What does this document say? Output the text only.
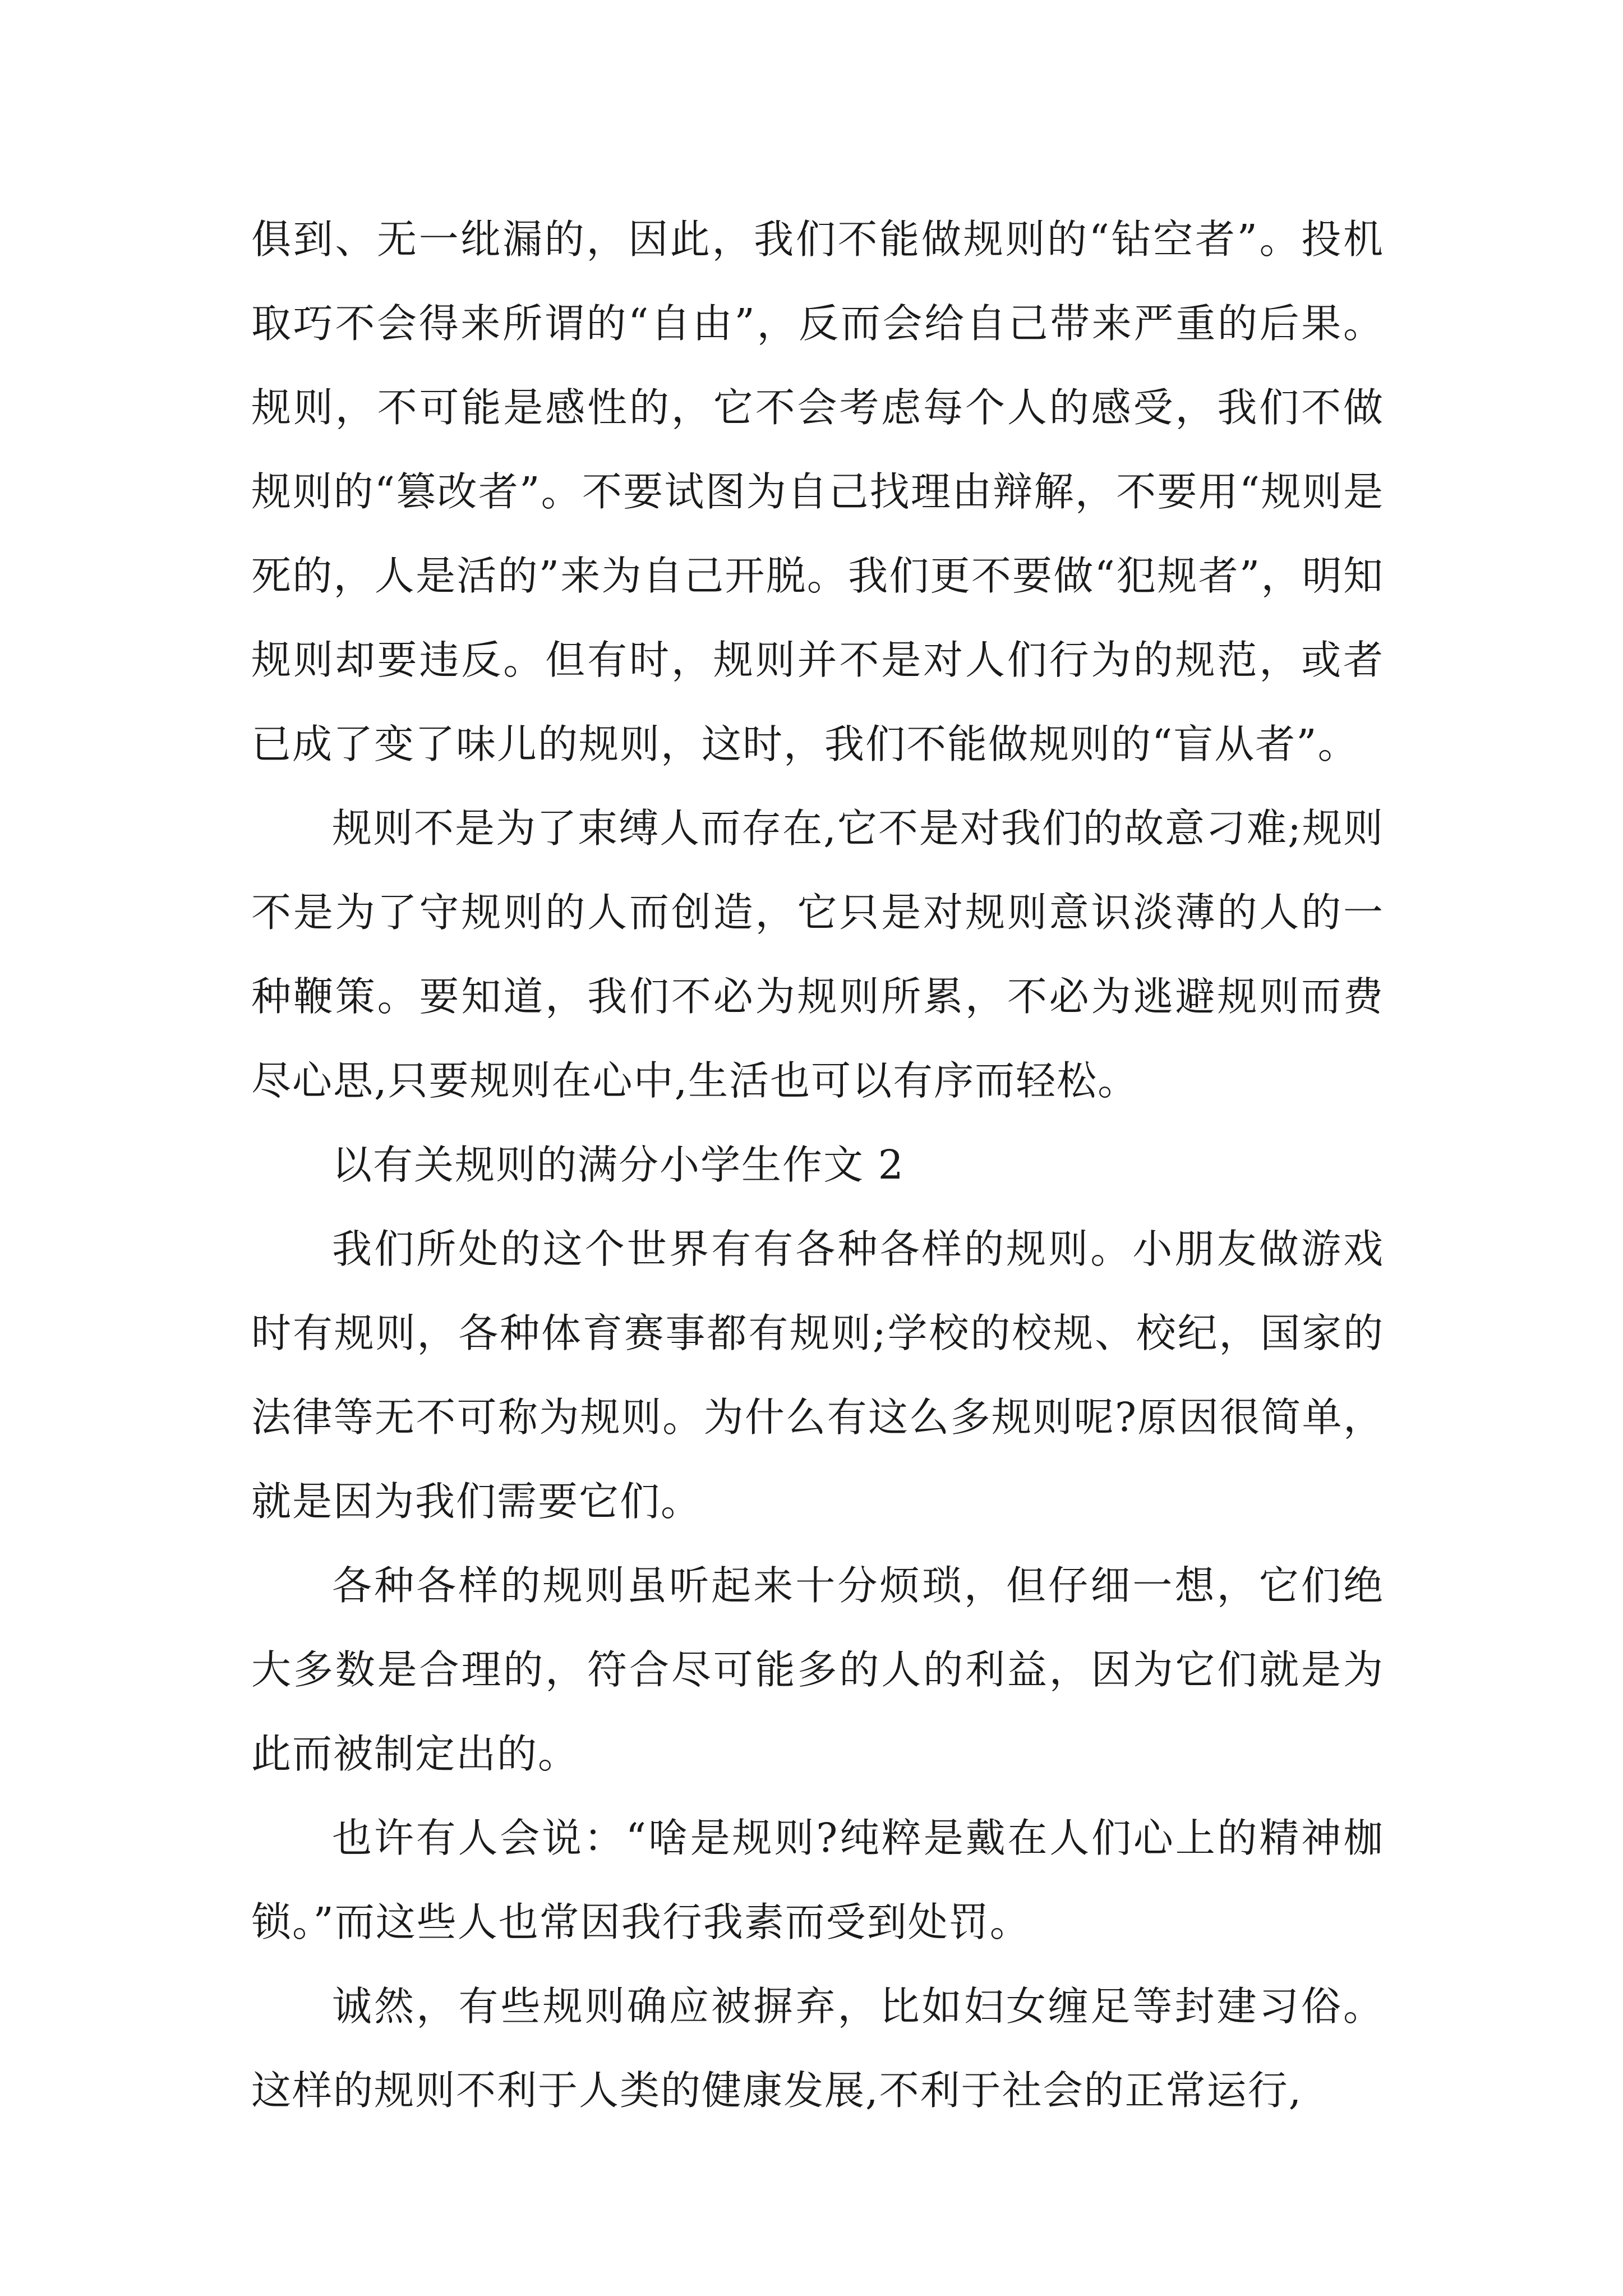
俱到、无一纰漏的，因此，我们不能做规则的“钻空者”。投机取巧不会得来所谓的“自由”，反而会给自己带来严重的后果。规则，不可能是感性的，它不会考虑每个人的感受，我们不做规则的“篡改者”。不要试图为自己找理由辩解，不要用“规则是死的，人是活的”来为自己开脱。我们更不要做“犯规者”，明知规则却要违反。但有时，规则并不是对人们行为的规范，或者已成了变了味儿的规则，这时，我们不能做规则的“盲从者”。

规则不是为了束缚人而存在,它不是对我们的故意刁难;规则不是为了守规则的人而创造，它只是对规则意识淡薄的人的一种鞭策。要知道，我们不必为规则所累，不必为逃避规则而费尽心思,只要规则在心中,生活也可以有序而轻松。

以有关规则的满分小学生作文 2

我们所处的这个世界有有各种各样的规则。小朋友做游戏时有规则，各种体育赛事都有规则;学校的校规、校纪，国家的法律等无不可称为规则。为什么有这么多规则呢?原因很简单，就是因为我们需要它们。

各种各样的规则虽听起来十分烦琐，但仔细一想，它们绝大多数是合理的，符合尽可能多的人的利益，因为它们就是为此而被制定出的。

也许有人会说：“啥是规则?纯粹是戴在人们心上的精神枷锁。”而这些人也常因我行我素而受到处罚。

诚然，有些规则确应被摒弃，比如妇女缠足等封建习俗。这样的规则不利于人类的健康发展,不利于社会的正常运行,
